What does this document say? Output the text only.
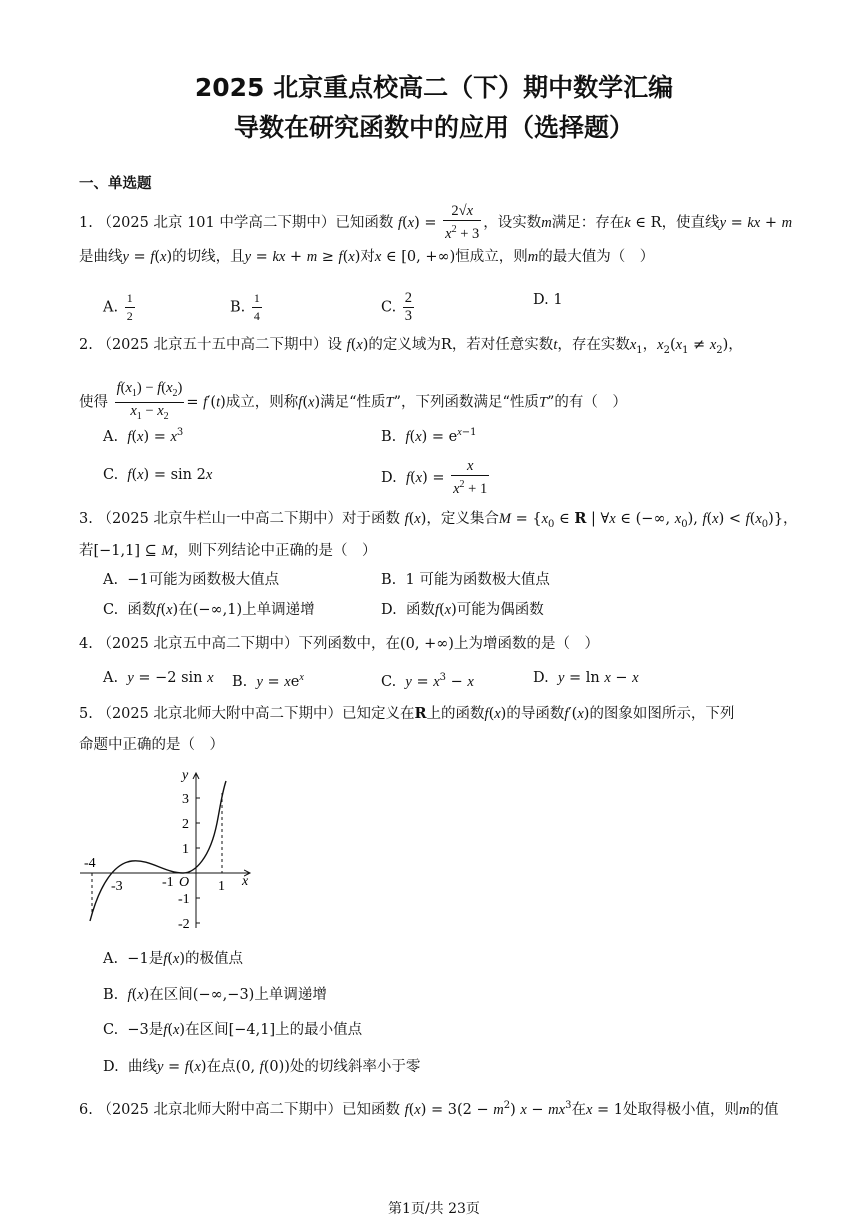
2025 北京重点校高二（下）期中数学汇编
导数在研究函数中的应用（选择题）
一、单选题
1. （2025 北京 101 中学高二下期中）已知函数 $f(x) = \frac{2√x}{x^2 + 3}$ ，设实数m满足：存在k ∈ R，使直线y = kx + m
是曲线y = f(x)的切线，且y = kx + m ≥ f(x)对x ∈ [0, +∞)恒成立，则m的最大值为（　）
A. $\frac{1}{2}$	B. $\frac{1}{4}$	C. $\frac{2}{3}$	D. 1
2. （2025 北京五十五中高二下期中）设 f(x)的定义域为R，若对任意实数t，存在实数$x_1$，$x_2(x_1 \ne x_2)$，
使得 $\frac{f(x_1) - f(x_2)}{x_1 - x_2} = f'(t)$成立，则称f(x)满足“性质T”，下列函数满足“性质T”的有（　）
A. $f(x) = x^3$	B. $f(x) = e^{x-1}$
C. f(x) = sin 2x	D. $f(x) = \frac{x}{x^2 + 1}$
3. （2025 北京牛栏山一中高二下期中）对于函数 f(x)，定义集合$M = \{x_0$ ∈ R | ∀x ∈ (−∞, $x_0$), $f(x) < f(x_0)$}，
若[−1,1] ⊆ M，则下列结论中正确的是（　）
A.  −1可能为函数极大值点	B. 1 可能为函数极大值点
C. 函数f(x)在(−∞,1)上单调递增	D. 函数f(x)可能为偶函数
4. （2025 北京五中高二下期中）下列函数中，在(0, +∞)上为增函数的是（　）
A. y = −2 sin x B. $y = xe^x$	C. $y = x^3 - x$	D. y = ln x − x
5. （2025 北京北师大附中高二下期中）已知定义在R上的函数f(x)的导函数f′(x)的图象如图所示，下列
命题中正确的是（　）
y
x
O
-4
-3	-1	1
3
2
1
-1
-2
A.  −1是f(x)的极值点
B. f(x)在区间(−∞,−3)上单调递增
C.  −3是f(x)在区间[−4,1]上的最小值点
D. 曲线y = f(x)在点(0, f(0))处的切线斜率小于零
6. （2025 北京北师大附中高二下期中）已知函数 $f(x) = 3(2 - m^2)$ $x - mx^3$在x = 1处取得极小值，则m的值
第1页/共 23页
